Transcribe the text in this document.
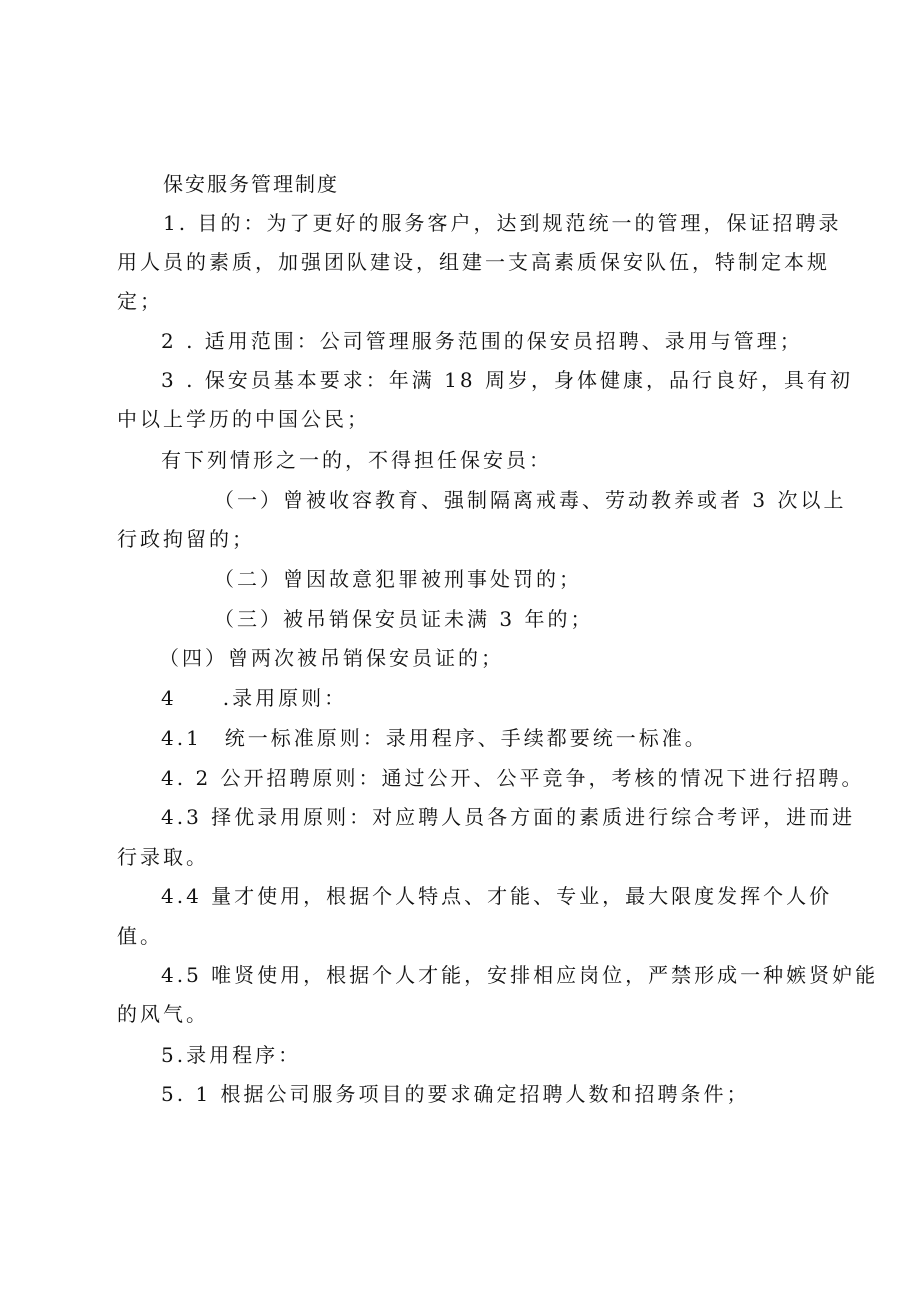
保安服务管理制度
1. 目的：为了更好的服务客户，达到规范统一的管理，保证招聘录
用人员的素质，加强团队建设，组建一支高素质保安队伍，特制定本规
定；
2 . 适用范围：公司管理服务范围的保安员招聘、录用与管理；
3 . 保安员基本要求：年满 18 周岁，身体健康，品行良好，具有初
中以上学历的中国公民；
有下列情形之一的，不得担任保安员：
（一）曾被收容教育、强制隔离戒毒、劳动教养或者 3 次以上
行政拘留的；
（二）曾因故意犯罪被刑事处罚的；
（三）被吊销保安员证未满 3 年的；
（四）曾两次被吊销保安员证的；
4　　.录用原则：
4.1　统一标准原则：录用程序、手续都要统一标准。
4. 2 公开招聘原则：通过公开、公平竞争，考核的情况下进行招聘。
4.3 择优录用原则：对应聘人员各方面的素质进行综合考评，进而进
行录取。
4.4 量才使用，根据个人特点、才能、专业，最大限度发挥个人价
值。
4.5 唯贤使用，根据个人才能，安排相应岗位，严禁形成一种嫉贤妒能
的风气。
5.录用程序：
5. 1 根据公司服务项目的要求确定招聘人数和招聘条件；
